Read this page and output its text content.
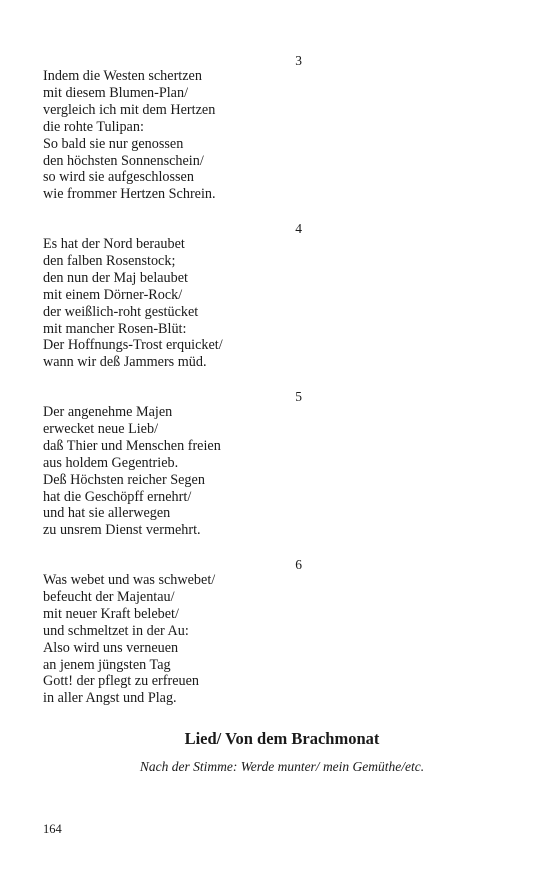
3
Indem die Westen schertzen
mit diesem Blumen-Plan/
vergleich ich mit dem Hertzen
die rohte Tulipan:
So bald sie nur genossen
den höchsten Sonnenschein/
so wird sie aufgeschlossen
wie frommer Hertzen Schrein.
4
Es hat der Nord beraubet
den falben Rosenstock;
den nun der Maj belaubet
mit einem Dörner-Rock/
der weißlich-roht gestücket
mit mancher Rosen-Blüt:
Der Hoffnungs-Trost erquicket/
wann wir deß Jammers müd.
5
Der angenehme Majen
erwecket neue Lieb/
daß Thier und Menschen freien
aus holdem Gegentrieb.
Deß Höchsten reicher Segen
hat die Geschöpff ernehrt/
und hat sie allerwegen
zu unsrem Dienst vermehrt.
6
Was webet und was schwebet/
befeucht der Majentau/
mit neuer Kraft belebet/
und schmeltzet in der Au:
Also wird uns verneuen
an jenem jüngsten Tag
Gott! der pflegt zu erfreuen
in aller Angst und Plag.
Lied/ Von dem Brachmonat

Nach der Stimme: Werde munter/ mein Gemüthe/etc.

164
